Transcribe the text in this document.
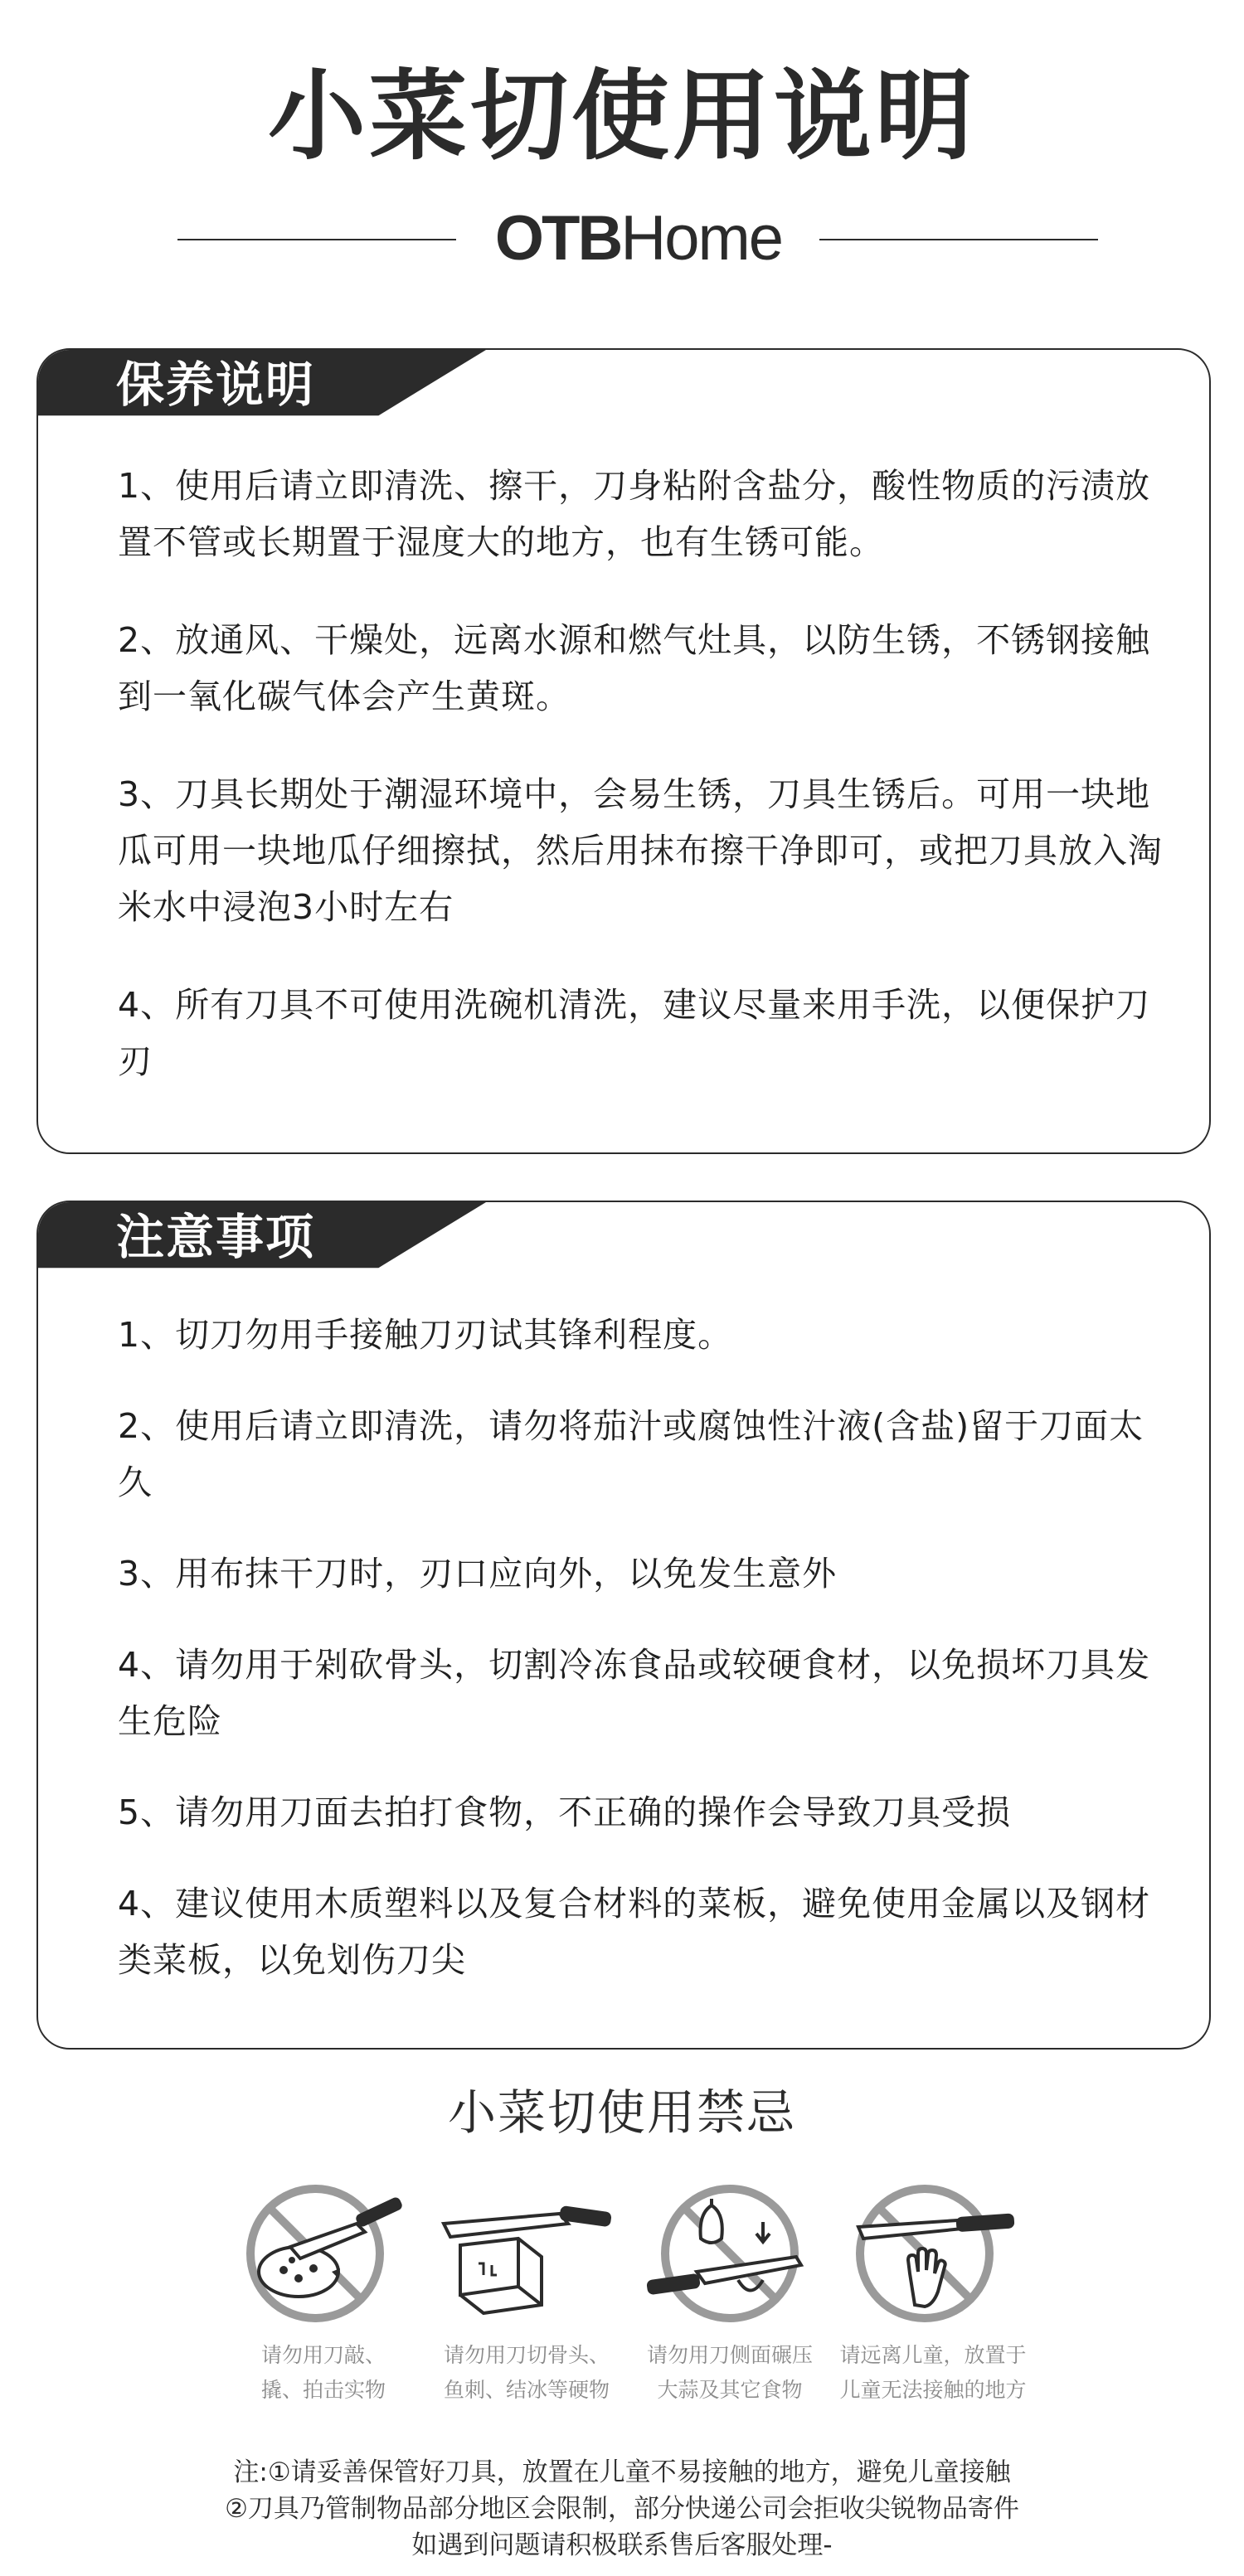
小菜切使用说明
OTBHome
保养说明

1、使用后请立即清洗、擦干，刀身粘附含盐分，酸性物质的污渍放置不管或长期置于湿度大的地方，也有生锈可能。

2、放通风、干燥处，远离水源和燃气灶具，以防生锈，不锈钢接触到一氧化碳气体会产生黄斑。

3、刀具长期处于潮湿环境中，会易生锈，刀具生锈后。可用一块地瓜可用一块地瓜仔细擦拭，然后用抹布擦干净即可，或把刀具放入淘米水中浸泡3小时左右

4、所有刀具不可使用洗碗机清洗，建议尽量来用手洗，以便保护刀刃

注意事项

1、切刀勿用手接触刀刃试其锋利程度。

2、使用后请立即清洗，请勿将茄汁或腐蚀性汁液(含盐)留于刀面太久

3、用布抹干刀时，刃口应向外，以免发生意外

4、请勿用于剁砍骨头，切割冷冻食品或较硬食材，以免损坏刀具发生危险

5、请勿用刀面去拍打食物，不正确的操作会导致刀具受损

4、建议使用木质塑料以及复合材料的菜板，避免使用金属以及钢材类菜板，以免划伤刀尖

小菜切使用禁忌
请勿用刀敲、
撬、拍击实物
请勿用刀切骨头、
鱼刺、结冰等硬物
请勿用刀侧面碾压
大蒜及其它食物
请远离儿童，放置于
儿童无法接触的地方
注:①请妥善保管好刀具，放置在儿童不易接触的地方，避免儿童接触
②刀具乃管制物品部分地区会限制，部分快递公司会拒收尖锐物品寄件
如遇到问题请积极联系售后客服处理-
